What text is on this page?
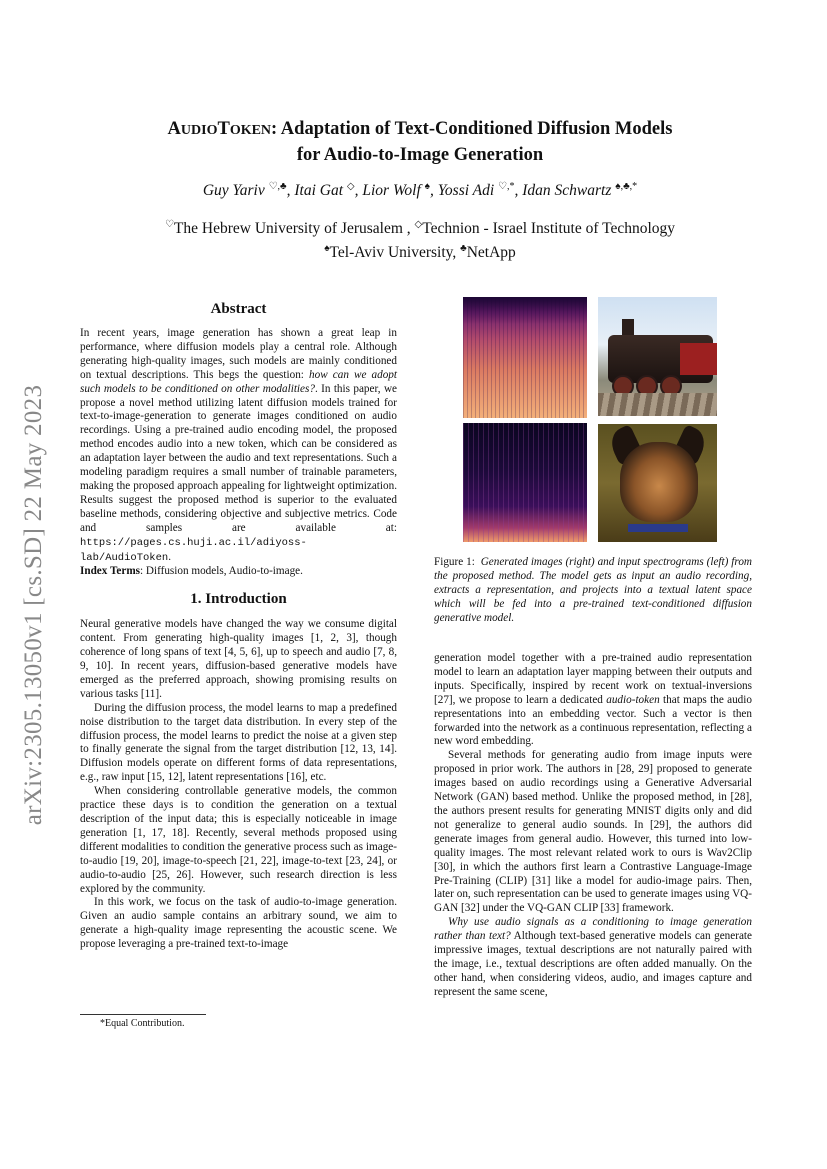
arXiv:2305.13050v1 [cs.SD] 22 May 2023

AUDIOTOKEN: Adaptation of Text-Conditioned Diffusion Models

for Audio-to-Image Generation

Guy Yariv ♡,♣, Itai Gat ◇, Lior Wolf ♠, Yossi Adi ♡,*, Idan Schwartz ♠,♣,*
♡The Hebrew University of Jerusalem , ◇Technion - Israel Institute of Technology
♠Tel-Aviv University, ♣NetApp

Abstract

In recent years, image generation has shown a great leap in performance, where diffusion models play a central role. Although generating high-quality images, such models are mainly conditioned on textual descriptions. This begs the question: how can we adopt such models to be conditioned on other modalities?. In this paper, we propose a novel method utilizing latent diffusion models trained for text-to-image-generation to generate images conditioned on audio recordings. Using a pre-trained audio encoding model, the proposed method encodes audio into a new token, which can be considered as an adaptation layer between the audio and text representations. Such a modeling paradigm requires a small number of trainable parameters, making the proposed approach appealing for lightweight optimization. Results suggest the proposed method is superior to the evaluated baseline methods, considering objective and subjective metrics. Code and samples are available at: https://pages.cs.huji.ac.il/adiyoss-lab/AudioToken.

Index Terms: Diffusion models, Audio-to-image.

1. Introduction

Neural generative models have changed the way we consume digital content. From generating high-quality images [1, 2, 3], though coherence of long spans of text [4, 5, 6], up to speech and audio [7, 8, 9, 10]. In recent years, diffusion-based generative models have emerged as the preferred approach, showing promising results on various tasks [11].

During the diffusion process, the model learns to map a predefined noise distribution to the target data distribution. In every step of the diffusion process, the model learns to predict the noise at a given step to finally generate the signal from the target distribution [12, 13, 14]. Diffusion models operate on different forms of data representations, e.g., raw input [15, 12], latent representations [16], etc.

When considering controllable generative models, the common practice these days is to condition the generation on a textual description of the input data; this is especially noticeable in image generation [1, 17, 18]. Recently, several methods proposed using different modalities to condition the generative process such as image-to-audio [19, 20], image-to-speech [21, 22], image-to-text [23, 24], or audio-to-audio [25, 26]. However, such research direction is less explored by the community.

In this work, we focus on the task of audio-to-image generation. Given an audio sample contains an arbitrary sound, we aim to generate a high-quality image representing the acoustic scene. We propose leveraging a pre-trained text-to-image

*Equal Contribution.
Figure 1: Generated images (right) and input spectrograms (left) from the proposed method. The model gets as input an audio recording, extracts a representation, and projects into a textual latent space which will be fed into a pre-trained text-conditioned diffusion generative model.

generation model together with a pre-trained audio representation model to learn an adaptation layer mapping between their outputs and inputs. Specifically, inspired by recent work on textual-inversions [27], we propose to learn a dedicated audio-token that maps the audio representations into an embedding vector. Such a vector is then forwarded into the network as a continuous representation, reflecting a new word embedding.

Several methods for generating audio from image inputs were proposed in prior work. The authors in [28, 29] proposed to generate images based on audio recordings using a Generative Adversarial Network (GAN) based method. Unlike the proposed method, in [28], the authors present results for generating MNIST digits only and did not generalize to general audio sounds. In [29], the authors did generate images from general audio. However, this turned into low-quality images. The most relevant related work to ours is Wav2Clip [30], in which the authors first learn a Contrastive Language-Image Pre-Training (CLIP) [31] like a model for audio-image pairs. Then, later on, such representation can be used to generate images using VQ-GAN [32] under the VQ-GAN CLIP [33] framework.

Why use audio signals as a conditioning to image generation rather than text? Although text-based generative models can generate impressive images, textual descriptions are not naturally paired with the image, i.e., textual descriptions are often added manually. On the other hand, when considering videos, audio, and images capture and represent the same scene,
